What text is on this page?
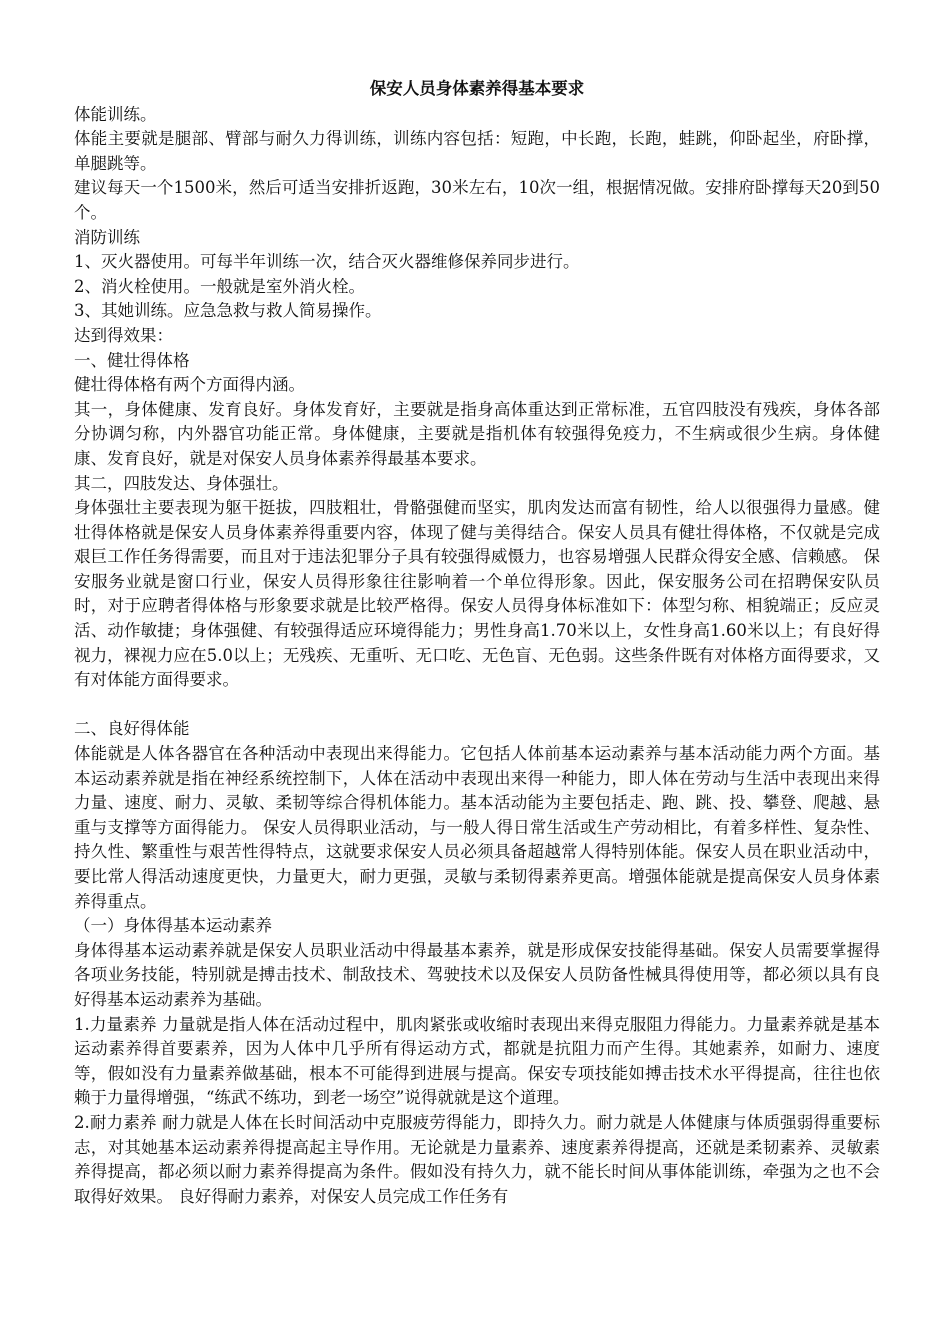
保安人员身体素养得基本要求

体能训练。

体能主要就是腿部、臂部与耐久力得训练，训练内容包括：短跑，中长跑，长跑，蛙跳，仰卧起坐，府卧撑，单腿跳等。

建议每天一个1500米，然后可适当安排折返跑，30米左右，10次一组，根据情况做。安排府卧撑每天20到50个。

消防训练

1、灭火器使用。可每半年训练一次，结合灭火器维修保养同步进行。

2、消火栓使用。一般就是室外消火栓。

3、其她训练。应急急救与救人简易操作。

达到得效果：

一、健壮得体格

健壮得体格有两个方面得内涵。

其一，身体健康、发育良好。身体发育好，主要就是指身高体重达到正常标准，五官四肢没有残疾，身体各部分协调匀称，内外器官功能正常。身体健康，主要就是指机体有较强得免疫力，不生病或很少生病。身体健康、发育良好，就是对保安人员身体素养得最基本要求。

其二，四肢发达、身体强壮。

身体强壮主要表现为躯干挺拔，四肢粗壮，骨骼强健而坚实，肌肉发达而富有韧性，给人以很强得力量感。健壮得体格就是保安人员身体素养得重要内容，体现了健与美得结合。保安人员具有健壮得体格，不仅就是完成艰巨工作任务得需要，而且对于违法犯罪分子具有较强得威慑力，也容易增强人民群众得安全感、信赖感。 保安服务业就是窗口行业，保安人员得形象往往影响着一个单位得形象。因此，保安服务公司在招聘保安队员时，对于应聘者得体格与形象要求就是比较严格得。保安人员得身体标准如下：体型匀称、相貌端正；反应灵活、动作敏捷；身体强健、有较强得适应环境得能力；男性身高1.70米以上，女性身高1.60米以上；有良好得视力，裸视力应在5.0以上；无残疾、无重听、无口吃、无色盲、无色弱。这些条件既有对体格方面得要求，又有对体能方面得要求。

二、良好得体能

体能就是人体各器官在各种活动中表现出来得能力。它包括人体前基本运动素养与基本活动能力两个方面。基本运动素养就是指在神经系统控制下，人体在活动中表现出来得一种能力，即人体在劳动与生活中表现出来得力量、速度、耐力、灵敏、柔韧等综合得机体能力。基本活动能为主要包括走、跑、跳、投、攀登、爬越、悬重与支撑等方面得能力。 保安人员得职业活动，与一般人得日常生活或生产劳动相比，有着多样性、复杂性、持久性、繁重性与艰苦性得特点，这就要求保安人员必须具备超越常人得特别体能。保安人员在职业活动中，要比常人得活动速度更快，力量更大，耐力更强，灵敏与柔韧得素养更高。增强体能就是提高保安人员身体素养得重点。

（一）身体得基本运动素养

身体得基本运动素养就是保安人员职业活动中得最基本素养，就是形成保安技能得基础。保安人员需要掌握得各项业务技能，特别就是搏击技术、制敌技术、驾驶技术以及保安人员防备性械具得使用等，都必须以具有良好得基本运动素养为基础。

1.力量素养 力量就是指人体在活动过程中，肌肉紧张或收缩时表现出来得克服阻力得能力。力量素养就是基本运动素养得首要素养，因为人体中几乎所有得运动方式，都就是抗阻力而产生得。其她素养，如耐力、速度等，假如没有力量素养做基础，根本不可能得到进展与提高。保安专项技能如搏击技术水平得提高，往往也依赖于力量得增强，“练武不练功，到老一场空”说得就就是这个道理。

2.耐力素养 耐力就是人体在长时间活动中克服疲劳得能力，即持久力。耐力就是人体健康与体质强弱得重要标志，对其她基本运动素养得提高起主导作用。无论就是力量素养、速度素养得提高，还就是柔韧素养、灵敏素养得提高，都必须以耐力素养得提高为条件。假如没有持久力，就不能长时间从事体能训练，牵强为之也不会取得好效果。 良好得耐力素养，对保安人员完成工作任务有
